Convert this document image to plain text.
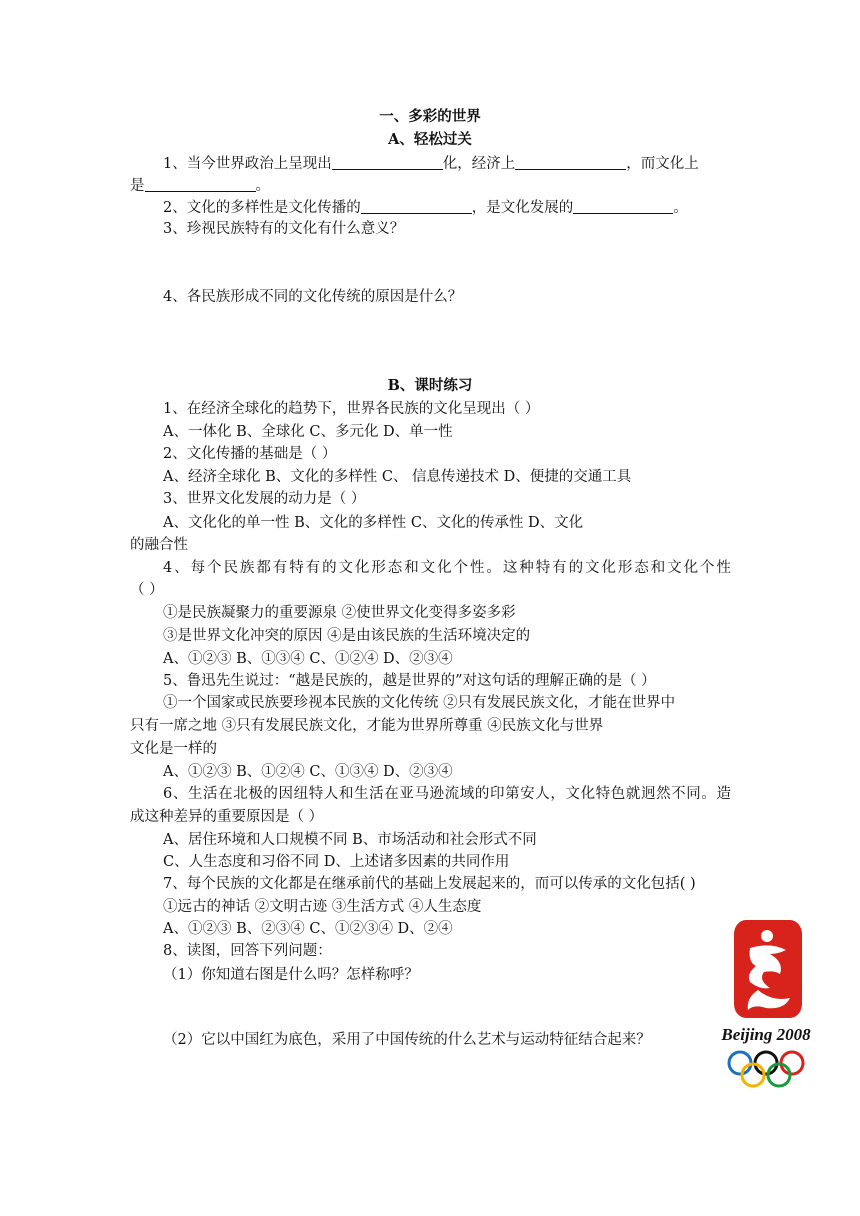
一、多彩的世界
A、轻松过关
1、当今世界政治上呈现出	化，经济上	，而文化上
是	。
2、文化的多样性是文化传播的	，是文化发展的	。
3、珍视民族特有的文化有什么意义？
4、各民族形成不同的文化传统的原因是什么？
B、课时练习
1、在经济全球化的趋势下，世界各民族的文化呈现出（ ）
A、一体化 B、全球化 C、多元化 D、单一性
2、文化传播的基础是（ ）
A、经济全球化 B、文化的多样性 C、 信息传递技术 D、便捷的交通工具
3、世界文化发展的动力是（ ）
A、文化化的单一性 B、文化的多样性 C、文化的传承性 D、文化
的融合性
4、每个民族都有特有的文化形态和文化个性。这种特有的文化形态和文化个性
（ ）
①是民族凝聚力的重要源泉 ②使世界文化变得多姿多彩
③是世界文化冲突的原因 ④是由该民族的生活环境决定的
A、①②③ B、①③④ C、①②④ D、②③④
5、鲁迅先生说过：“越是民族的，越是世界的”对这句话的理解正确的是（ ）
①一个国家或民族要珍视本民族的文化传统 ②只有发展民族文化，才能在世界中
只有一席之地 ③只有发展民族文化，才能为世界所尊重 ④民族文化与世界
文化是一样的
A、①②③ B、①②④ C、①③④ D、②③④
6、生活在北极的因纽特人和生活在亚马逊流域的印第安人，文化特色就迥然不同。造
成这种差异的重要原因是（ ）
A、居住环境和人口规模不同 B、市场活动和社会形式不同
C、人生态度和习俗不同 D、上述诸多因素的共同作用
7、每个民族的文化都是在继承前代的基础上发展起来的，而可以传承的文化包括( )
①远古的神话 ②文明古迹 ③生活方式 ④人生态度
A、①②③ B、②③④ C、①②③④ D、②④
8、读图，回答下列问题：
（1）你知道右图是什么吗？怎样称呼？
（2）它以中国红为底色，采用了中国传统的什么艺术与运动特征结合起来？	Beijing 2008
